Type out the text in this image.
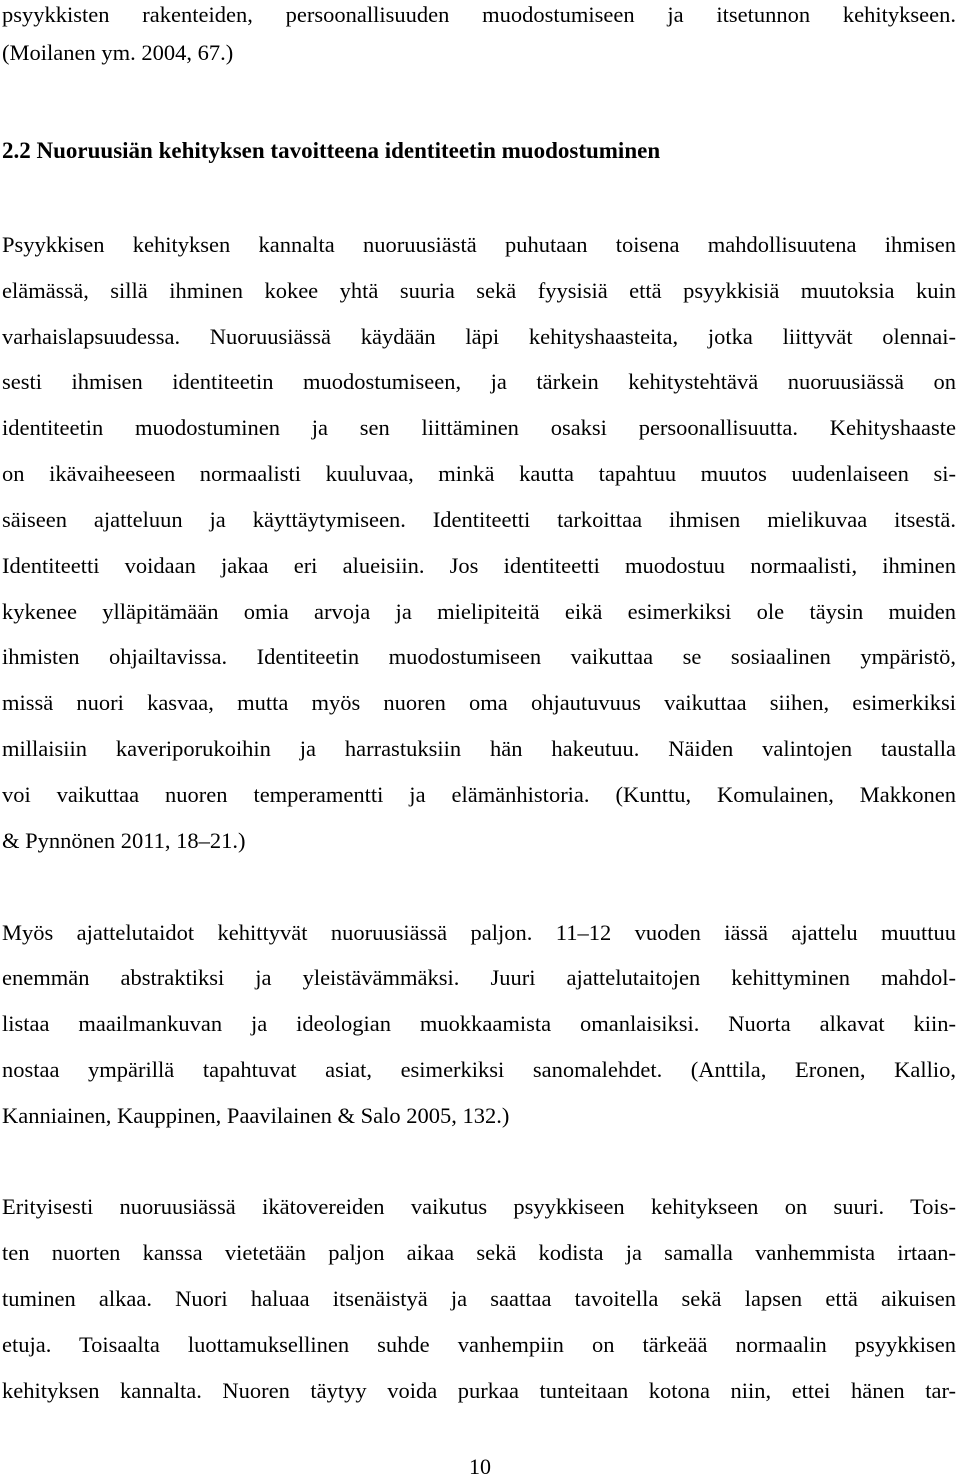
psyykkisten rakenteiden, persoonallisuuden muodostumiseen ja itsetunnon kehitykseen.
(Moilanen ym. 2004, 67.)
2.2 Nuoruusiän kehityksen tavoitteena identiteetin muodostuminen
Psyykkisen kehityksen kannalta nuoruusiästä puhutaan toisena mahdollisuutena ihmisen
elämässä, sillä ihminen kokee yhtä suuria sekä fyysisiä että psyykkisiä muutoksia kuin
varhaislapsuudessa. Nuoruusiässä käydään läpi kehityshaasteita, jotka liittyvät olennai-
sesti ihmisen identiteetin muodostumiseen, ja tärkein kehitystehtävä nuoruusiässä on
identiteetin muodostuminen ja sen liittäminen osaksi persoonallisuutta. Kehityshaaste
on ikävaiheeseen normaalisti kuuluvaa, minkä kautta tapahtuu muutos uudenlaiseen si-
säiseen ajatteluun ja käyttäytymiseen. Identiteetti tarkoittaa ihmisen mielikuvaa itsestä.
Identiteetti voidaan jakaa eri alueisiin. Jos identiteetti muodostuu normaalisti, ihminen
kykenee ylläpitämään omia arvoja ja mielipiteitä eikä esimerkiksi ole täysin muiden
ihmisten ohjailtavissa. Identiteetin muodostumiseen vaikuttaa se sosiaalinen ympäristö,
missä nuori kasvaa, mutta myös nuoren oma ohjautuvuus vaikuttaa siihen, esimerkiksi
millaisiin kaveriporukoihin ja harrastuksiin hän hakeutuu. Näiden valintojen taustalla
voi vaikuttaa nuoren temperamentti ja elämänhistoria. (Kunttu, Komulainen, Makkonen
& Pynnönen 2011, 18–21.)
Myös ajattelutaidot kehittyvät nuoruusiässä paljon. 11–12 vuoden iässä ajattelu muuttuu
enemmän abstraktiksi ja yleistävämmäksi. Juuri ajattelutaitojen kehittyminen mahdol-
listaa maailmankuvan ja ideologian muokkaamista omanlaisiksi. Nuorta alkavat kiin-
nostaa ympärillä tapahtuvat asiat, esimerkiksi sanomalehdet. (Anttila, Eronen, Kallio,
Kanniainen, Kauppinen, Paavilainen & Salo 2005, 132.)
Erityisesti nuoruusiässä ikätovereiden vaikutus psyykkiseen kehitykseen on suuri. Tois-
ten nuorten kanssa vietetään paljon aikaa sekä kodista ja samalla vanhemmista irtaan-
tuminen alkaa. Nuori haluaa itsenäistyä ja saattaa tavoitella sekä lapsen että aikuisen
etuja. Toisaalta luottamuksellinen suhde vanhempiin on tärkeää normaalin psyykkisen
kehityksen kannalta. Nuoren täytyy voida purkaa tunteitaan kotona niin, ettei hänen tar-
10
